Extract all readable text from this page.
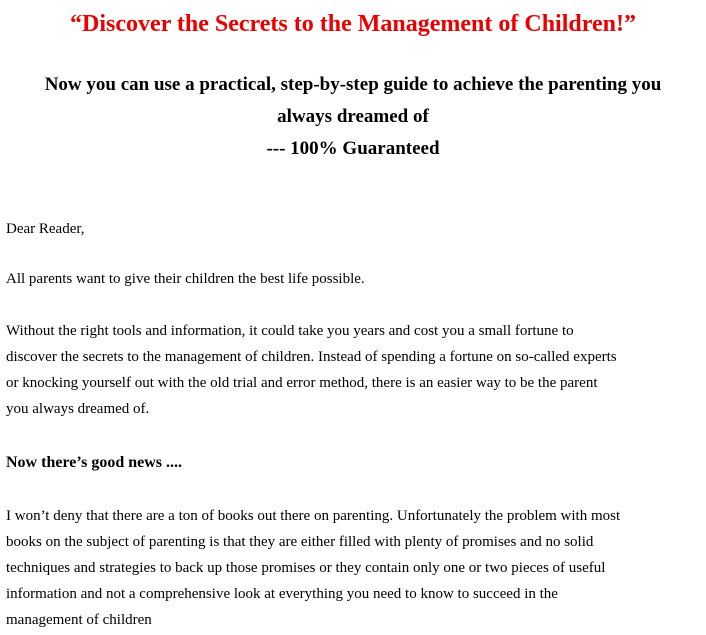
“Discover the Secrets to the Management of Children!”
Now you can use a practical, step-by-step guide to achieve the parenting you
always dreamed of
--- 100% Guaranteed

Dear Reader,

All parents want to give their children the best life possible.

Without the right tools and information, it could take you years and cost you a small fortune to
discover the secrets to the management of children. Instead of spending a fortune on so-called experts
or knocking yourself out with the old trial and error method, there is an easier way to be the parent
you always dreamed of.

Now there’s good news ....

I won’t deny that there are a ton of books out there on parenting. Unfortunately the problem with most
books on the subject of parenting is that they are either filled with plenty of promises and no solid
techniques and strategies to back up those promises or they contain only one or two pieces of useful
information and not a comprehensive look at everything you need to know to succeed in the
management of children
